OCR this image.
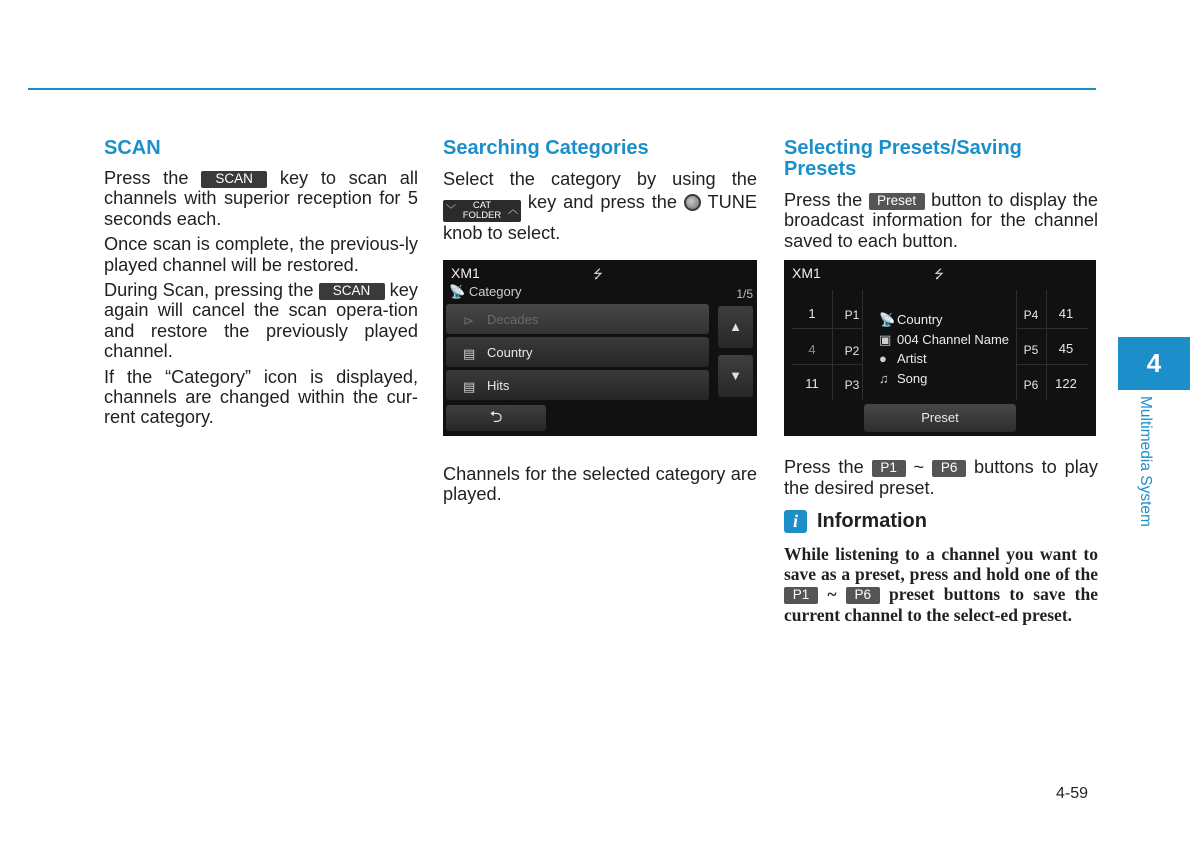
SCAN

Press the SCAN key to scan all channels with superior reception for 5 seconds each.

Once scan is complete, the previous-ly played channel will be restored.

During Scan, pressing the SCAN key again will cancel the scan opera-tion and restore the previously played channel.

If the “Category” icon is displayed, channels are changed within the cur-rent category.

Searching Categories

Select the category by using the
﹀	CAT
FOLDER ︿ key and press the TUNE knob to select.

XM1	⭍
📡 Category	1/5
⊳ Decades
▤ Country
▤ Hits
▲
▼
⮌

Channels for the selected category are played.

Selecting Presets/Saving Presets

Press the Preset button to display the broadcast information for the channel saved to each button.

XM1	⭍
1	P1
4	P2
11	P3
P4	41
P5	45
P6	122
📡 Country
▣ 004 Channel Name
● Artist
♫ Song
Preset

Press the P1 ~ P6 buttons to play the desired preset.

i Information

While listening to a channel you want to save as a preset, press and hold one of the P1 ~ P6 preset buttons to save the current channel to the select-ed preset.

4
Multimedia System
4-59
